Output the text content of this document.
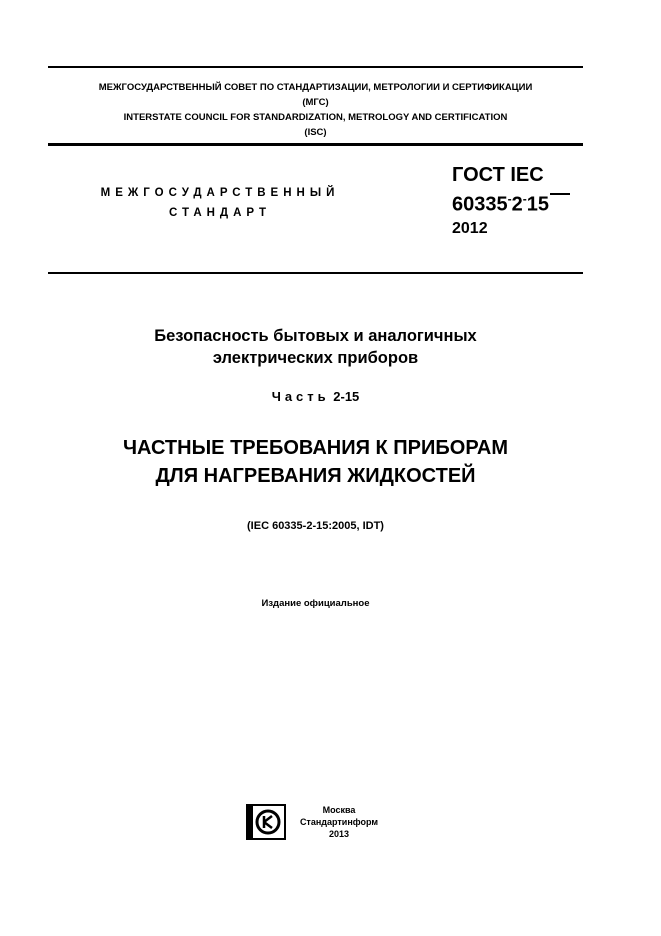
МЕЖГОСУДАРСТВЕННЫЙ СОВЕТ ПО СТАНДАРТИЗАЦИИ, МЕТРОЛОГИИ И СЕРТИФИКАЦИИ
(МГС)
INTERSTATE COUNCIL FOR STANDARDIZATION, METROLOGY AND CERTIFICATION
(ISC)
МЕЖГОСУДАРСТВЕННЫЙ
СТАНДАРТ
ГОСТ IEC
60335-2-15
2012
Безопасность бытовых и аналогичных
электрических приборов
Часть 2-15
ЧАСТНЫЕ ТРЕБОВАНИЯ К ПРИБОРАМ
ДЛЯ НАГРЕВАНИЯ ЖИДКОСТЕЙ
(IEC 60335-2-15:2005, IDT)
Издание официальное
Москва
Стандартинформ
2013
